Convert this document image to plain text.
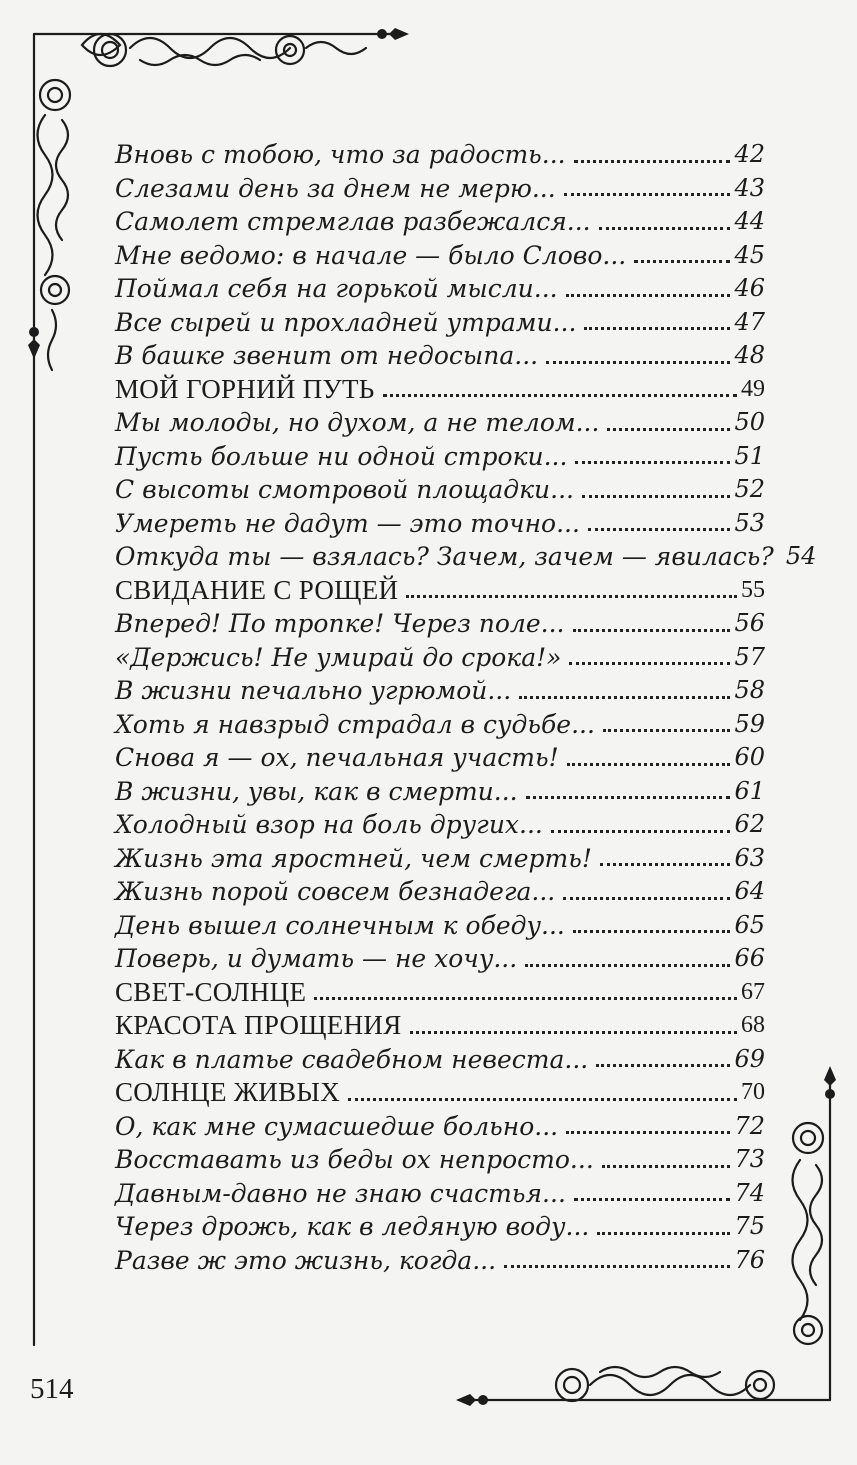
Вновь с тобою, что за радость...	42
Слезами день за днем не мерю...	43
Самолет стремглав разбежался...	44
Мне ведомо: в начале — было Слово...	45
Поймал себя на горькой мысли...	46
Все сырей и прохладней утрами...	47
В башке звенит от недосыпа...	48
МОЙ ГОРНИЙ ПУТЬ	49
Мы молоды, но духом, а не телом...	50
Пусть больше ни одной строки...	51
С высоты смотровой площадки...	52
Умереть не дадут — это точно...	53
Откуда ты — взялась? Зачем, зачем — явилась? 54
СВИДАНИЕ С РОЩЕЙ	55
Вперед! По тропке! Через поле...	56
«Держись! Не умирай до срока!»	57
В жизни печально угрюмой...	58
Хоть я навзрыд страдал в судьбе...	59
Снова я — ох, печальная участь!	60
В жизни, увы, как в смерти...	61
Холодный взор на боль других...	62
Жизнь эта яростней, чем смерть!	63
Жизнь порой совсем безнадега...	64
День вышел солнечным к обеду...	65
Поверь, и думать — не хочу...	66
СВЕТ-СОЛНЦЕ	67
КРАСОТА ПРОЩЕНИЯ	68
Как в платье свадебном невеста...	69
СОЛНЦЕ ЖИВЫХ	70
О, как мне сумасшедше больно...	72
Восставать из беды ох непросто...	73
Давным-давно не знаю счастья...	74
Через дрожь, как в ледяную воду...	75
Разве ж это жизнь, когда...	76
514
